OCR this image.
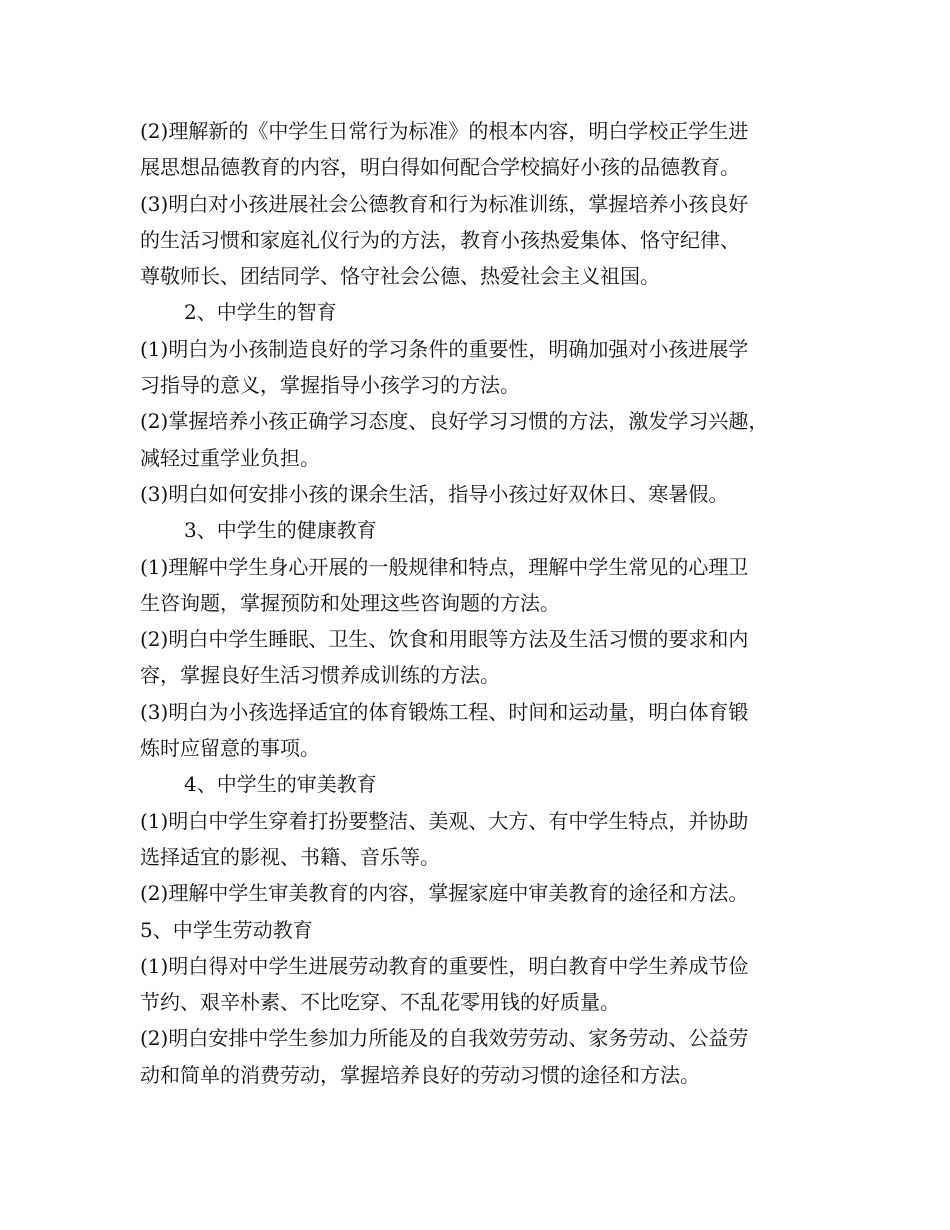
(2)理解新的《中学生日常行为标准》的根本内容，明白学校正学生进
展思想品德教育的内容，明白得如何配合学校搞好小孩的品德教育。

(3)明白对小孩进展社会公德教育和行为标准训练，掌握培养小孩良好
的生活习惯和家庭礼仪行为的方法，教育小孩热爱集体、恪守纪律、
尊敬师长、团结同学、恪守社会公德、热爱社会主义祖国。

2、中学生的智育

(1)明白为小孩制造良好的学习条件的重要性，明确加强对小孩进展学
习指导的意义，掌握指导小孩学习的方法。

(2)掌握培养小孩正确学习态度、良好学习习惯的方法，激发学习兴趣，
减轻过重学业负担。

(3)明白如何安排小孩的课余生活，指导小孩过好双休日、寒暑假。

3、中学生的健康教育

(1)理解中学生身心开展的一般规律和特点，理解中学生常见的心理卫
生咨询题，掌握预防和处理这些咨询题的方法。

(2)明白中学生睡眠、卫生、饮食和用眼等方法及生活习惯的要求和内
容，掌握良好生活习惯养成训练的方法。

(3)明白为小孩选择适宜的体育锻炼工程、时间和运动量，明白体育锻
炼时应留意的事项。

4、中学生的审美教育

(1)明白中学生穿着打扮要整洁、美观、大方、有中学生特点，并协助
选择适宜的影视、书籍、音乐等。

(2)理解中学生审美教育的内容，掌握家庭中审美教育的途径和方法。

5、中学生劳动教育

(1)明白得对中学生进展劳动教育的重要性，明白教育中学生养成节俭
节约、艰辛朴素、不比吃穿、不乱花零用钱的好质量。

(2)明白安排中学生参加力所能及的自我效劳劳动、家务劳动、公益劳
动和简单的消费劳动，掌握培养良好的劳动习惯的途径和方法。
